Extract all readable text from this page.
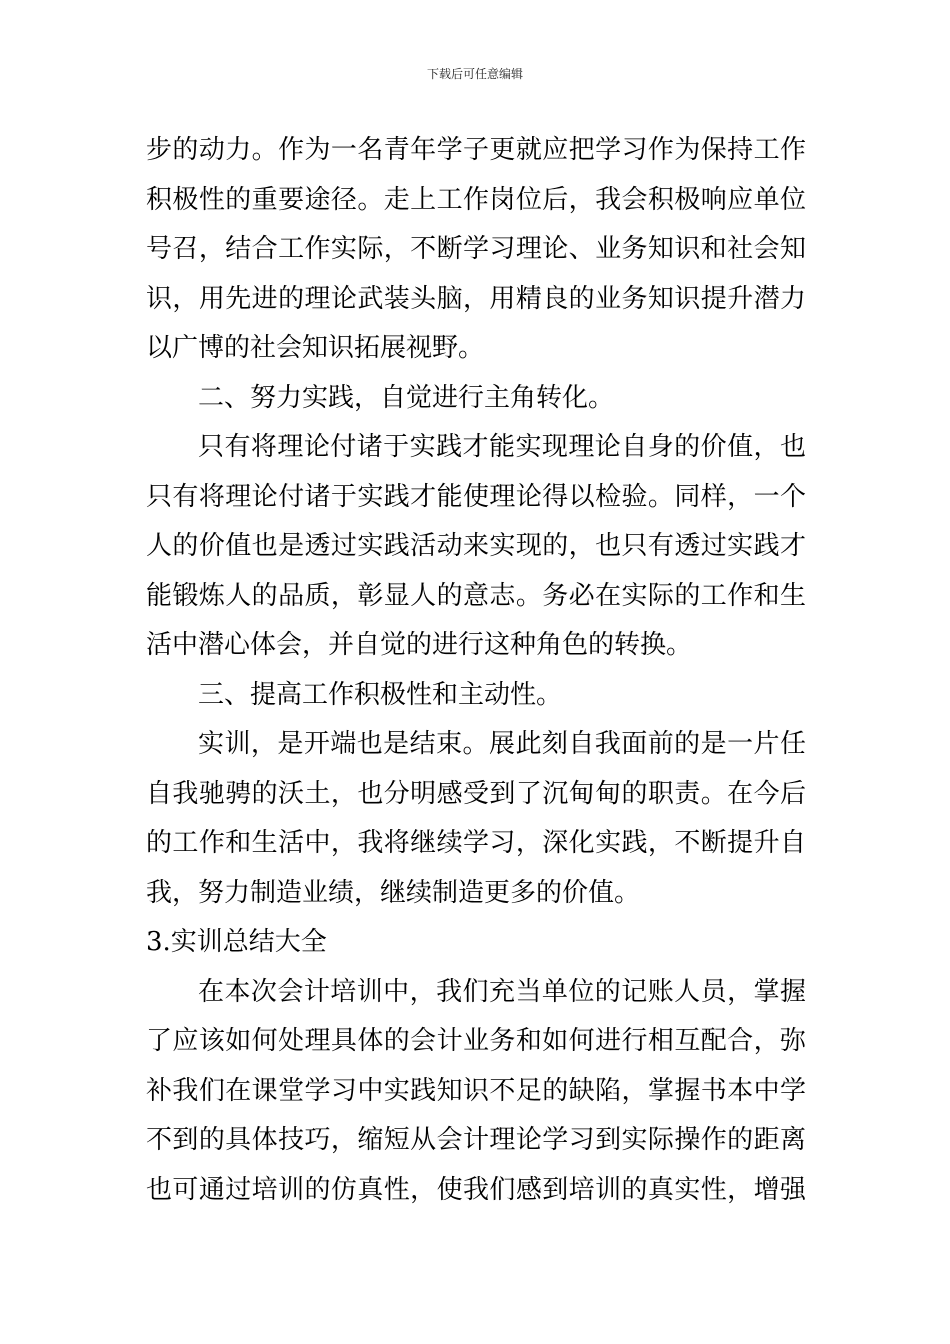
下载后可任意编辑
步的动力。作为一名青年学子更就应把学习作为保持工作
积极性的重要途径。走上工作岗位后，我会积极响应单位
号召，结合工作实际，不断学习理论、业务知识和社会知
识，用先进的理论武装头脑，用精良的业务知识提升潜力
以广博的社会知识拓展视野。
二、努力实践，自觉进行主角转化。
只有将理论付诸于实践才能实现理论自身的价值，也
只有将理论付诸于实践才能使理论得以检验。同样，一个
人的价值也是透过实践活动来实现的，也只有透过实践才
能锻炼人的品质，彰显人的意志。务必在实际的工作和生
活中潜心体会，并自觉的进行这种角色的转换。
三、提高工作积极性和主动性。
实训，是开端也是结束。展此刻自我面前的是一片任
自我驰骋的沃土，也分明感受到了沉甸甸的职责。在今后
的工作和生活中，我将继续学习，深化实践，不断提升自
我，努力制造业绩，继续制造更多的价值。
3.实训总结大全
在本次会计培训中，我们充当单位的记账人员，掌握
了应该如何处理具体的会计业务和如何进行相互配合，弥
补我们在课堂学习中实践知识不足的缺陷，掌握书本中学
不到的具体技巧，缩短从会计理论学习到实际操作的距离
也可通过培训的仿真性，使我们感到培训的真实性，增强
